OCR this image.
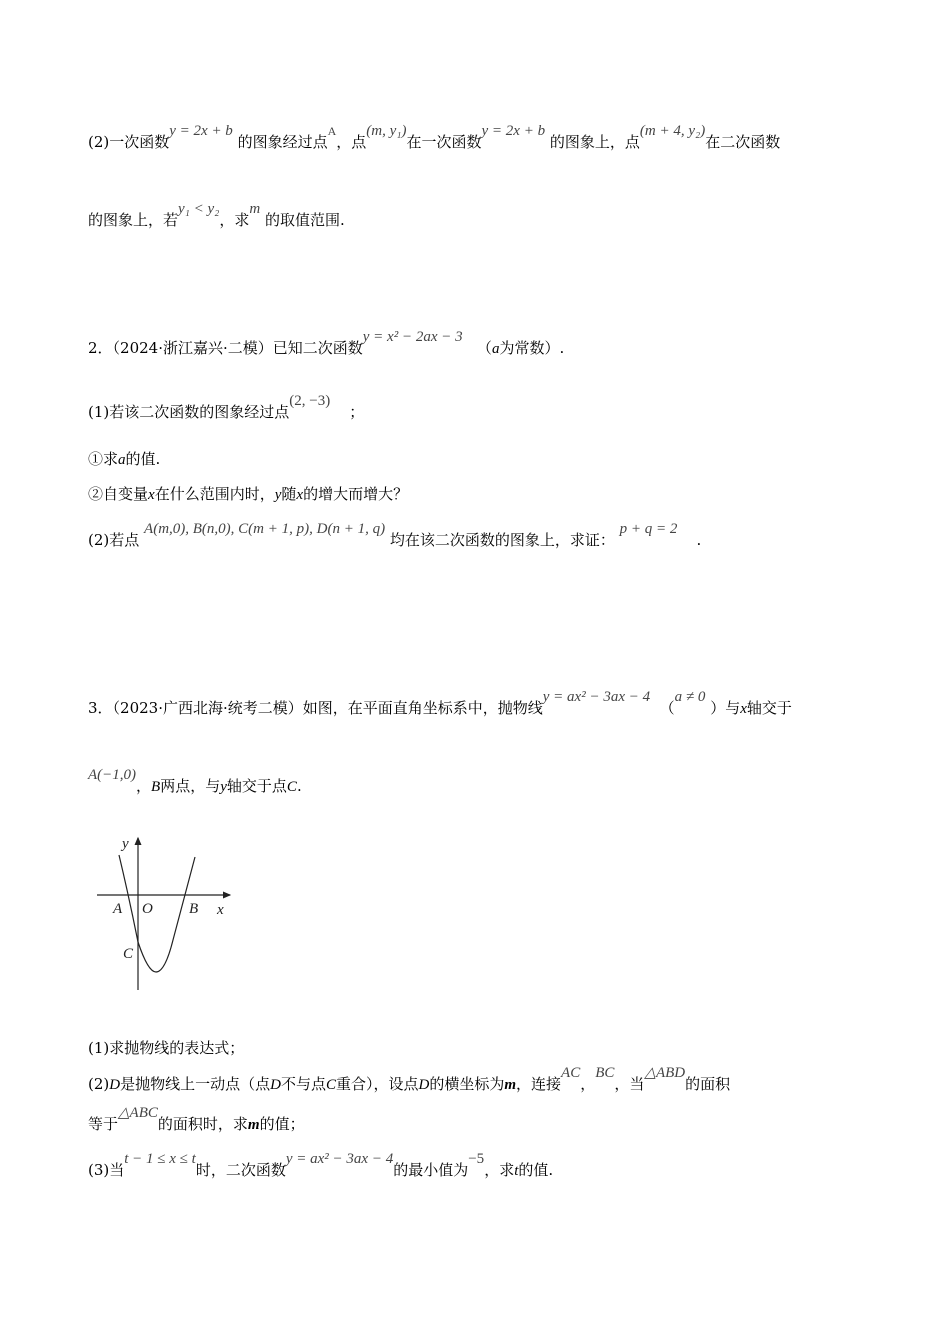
(2)一次函数y = 2x + b 的图象经过点$^A$，点(m, y₁)在一次函数y = 2x + b 的图象上，点(m + 4, y₂)在二次函数
的图象上，若y₁ < y₂，求m 的取值范围.
2．（2024·浙江嘉兴·二模）已知二次函数y = x² − 2ax − 3   （a为常数）.
(1)若该二次函数的图象经过点(2, −3)    ；
①求a的值.
②自变量x在什么范围内时，y随x的增大而增大？
(2)若点 A(m,0), B(n,0), C(m + 1, p), D(n + 1, q) 均在该二次函数的图象上，求证： p + q = 2    .
3．（2023·广西北海·统考二模）如图，在平面直角坐标系中，抛物线y = ax² − 3ax − 4  （a ≠ 0 ）与x轴交于
A(−1,0)，B两点，与y轴交于点C.
y
x
A O B
C
(1)求抛物线的表达式；
(2)D是抛物线上一动点（点D不与点C重合），设点D的横坐标为m，连接AC，BC，当△ABD的面积
等于△ABC的面积时，求m的值；
(3)当t − 1 ≤ x ≤ t时，二次函数y = ax² − 3ax − 4的最小值为−5，求t的值.
